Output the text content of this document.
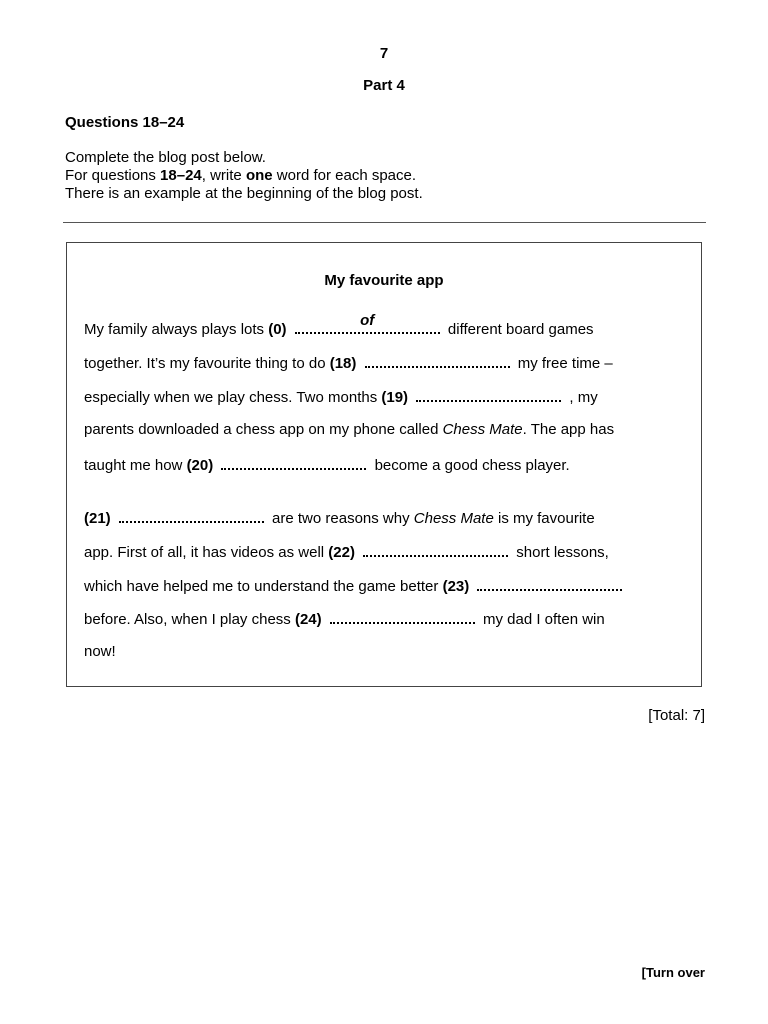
7
Part 4
Questions 18–24
Complete the blog post below.
For questions 18–24, write one word for each space.
There is an example at the beginning of the blog post.
My favourite app
My family always plays lots (0)
of
different board games
together. It’s my favourite thing to do (18)	my free time –
especially when we play chess. Two months (19)	, my
parents downloaded a chess app on my phone called Chess Mate. The app has
taught me how (20)	become a good chess player.
(21)	are two reasons why Chess Mate is my favourite
app. First of all, it has videos as well (22)	short lessons,
which have helped me to understand the game better (23)
before. Also, when I play chess (24)	my dad I often win
now!
[Total: 7]
[Turn over
